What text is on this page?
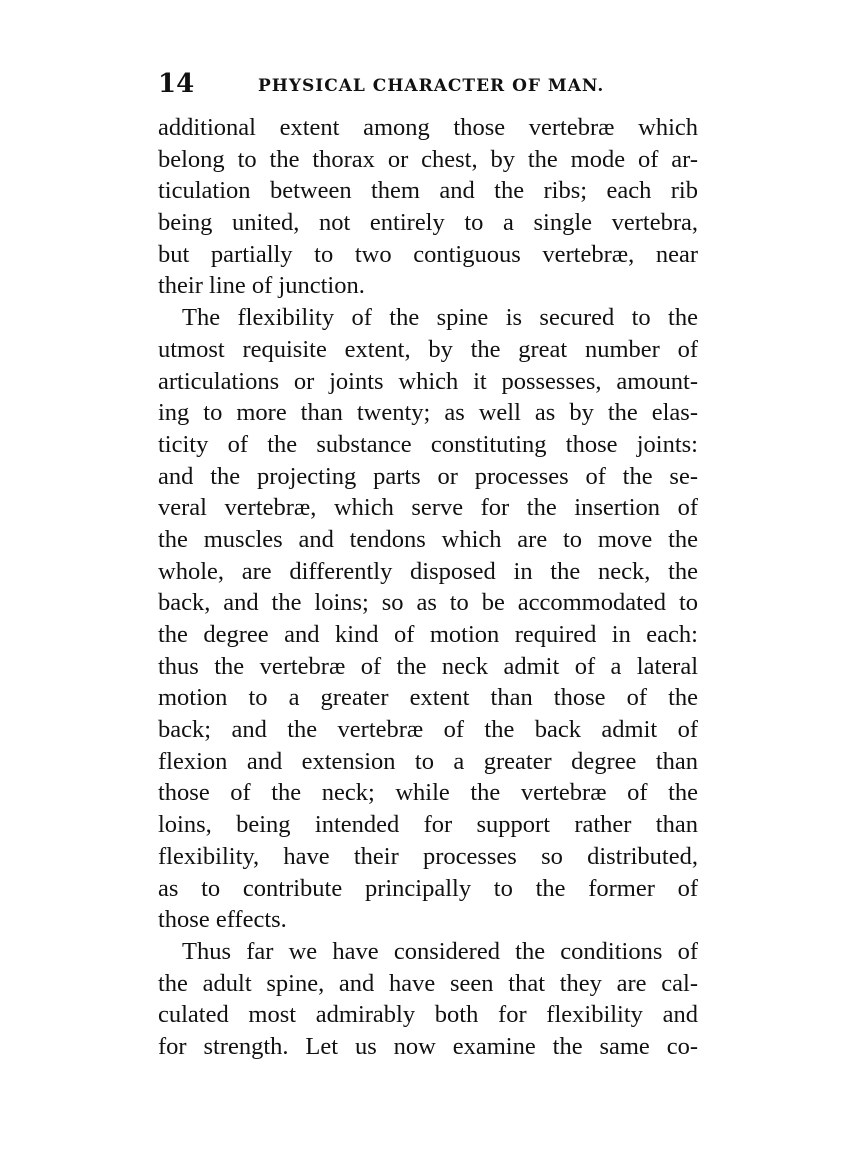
14	PHYSICAL CHARACTER OF MAN.
additional extent among those vertebræ which
belong to the thorax or chest, by the mode of ar-
ticulation between them and the ribs; each rib
being united, not entirely to a single vertebra,
but partially to two contiguous vertebræ, near
their line of junction.
The flexibility of the spine is secured to the
utmost requisite extent, by the great number of
articulations or joints which it possesses, amount-
ing to more than twenty; as well as by the elas-
ticity of the substance constituting those joints:
and the projecting parts or processes of the se-
veral vertebræ, which serve for the insertion of
the muscles and tendons which are to move the
whole, are differently disposed in the neck, the
back, and the loins; so as to be accommodated to
the degree and kind of motion required in each:
thus the vertebræ of the neck admit of a lateral
motion to a greater extent than those of the
back; and the vertebræ of the back admit of
flexion and extension to a greater degree than
those of the neck; while the vertebræ of the
loins, being intended for support rather than
flexibility, have their processes so distributed,
as to contribute principally to the former of
those effects.
Thus far we have considered the conditions of
the adult spine, and have seen that they are cal-
culated most admirably both for flexibility and
for strength. Let us now examine the same co-
